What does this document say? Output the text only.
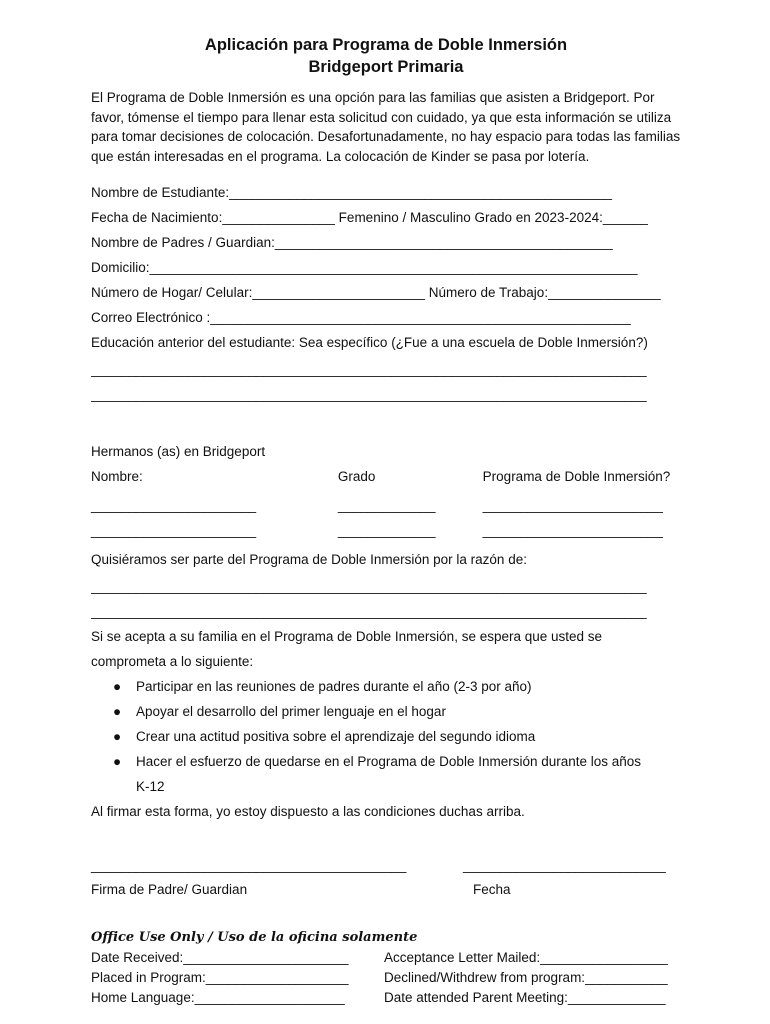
Aplicación para Programa de Doble Inmersión

Bridgeport Primaria

El Programa de Doble Inmersión es una opción para las familias que asisten a Bridgeport. Por favor, tómense el tiempo para llenar esta solicitud con cuidado, ya que esta información se utiliza para tomar decisiones de colocación. Desafortunadamente, no hay espacio para todas las familias que están interesadas en el programa. La colocación de Kinder se pasa por lotería.

Nombre de Estudiante:___________________________________________________

Fecha de Nacimiento:_______________ Femenino / Masculino Grado en 2023-2024:______

Nombre de Padres / Guardian:_____________________________________________

Domicilio:_________________________________________________________________

Número de Hogar/ Celular:_______________________ Número de Trabajo:_______________

Correo Electrónico :________________________________________________________

Educación anterior del estudiante: Sea específico (¿Fue a una escuela de Doble Inmersión?)

__________________________________________________________________________

__________________________________________________________________________

Hermanos (as) en Bridgeport

Nombre:	Grado	Programa de Doble Inmersión?
______________________	_____________	________________________
______________________	_____________	________________________

Quisiéramos ser parte del Programa de Doble Inmersión por la razón de:

__________________________________________________________________________

__________________________________________________________________________

Si se acepta a su familia en el Programa de Doble Inmersión, se espera que usted se

comprometa a lo siguiente:

● Participar en las reuniones de padres durante el año (2-3 por año)
● Apoyar el desarrollo del primer lenguaje en el hogar
● Crear una actitud positiva sobre el aprendizaje del segundo idioma
● Hacer el esfuerzo de quedarse en el Programa de Doble Inmersión durante los años
K-12

Al firmar esta forma, yo estoy dispuesto a las condiciones duchas arriba.

__________________________________________	___________________________
Firma de Padre/ Guardian	Fecha

Office Use Only / Uso de la oficina solamente

Date Received:______________________	Acceptance Letter Mailed:_________________
Placed in Program:___________________	Declined/Withdrew from program:___________
Home Language:____________________	Date attended Parent Meeting:_____________
